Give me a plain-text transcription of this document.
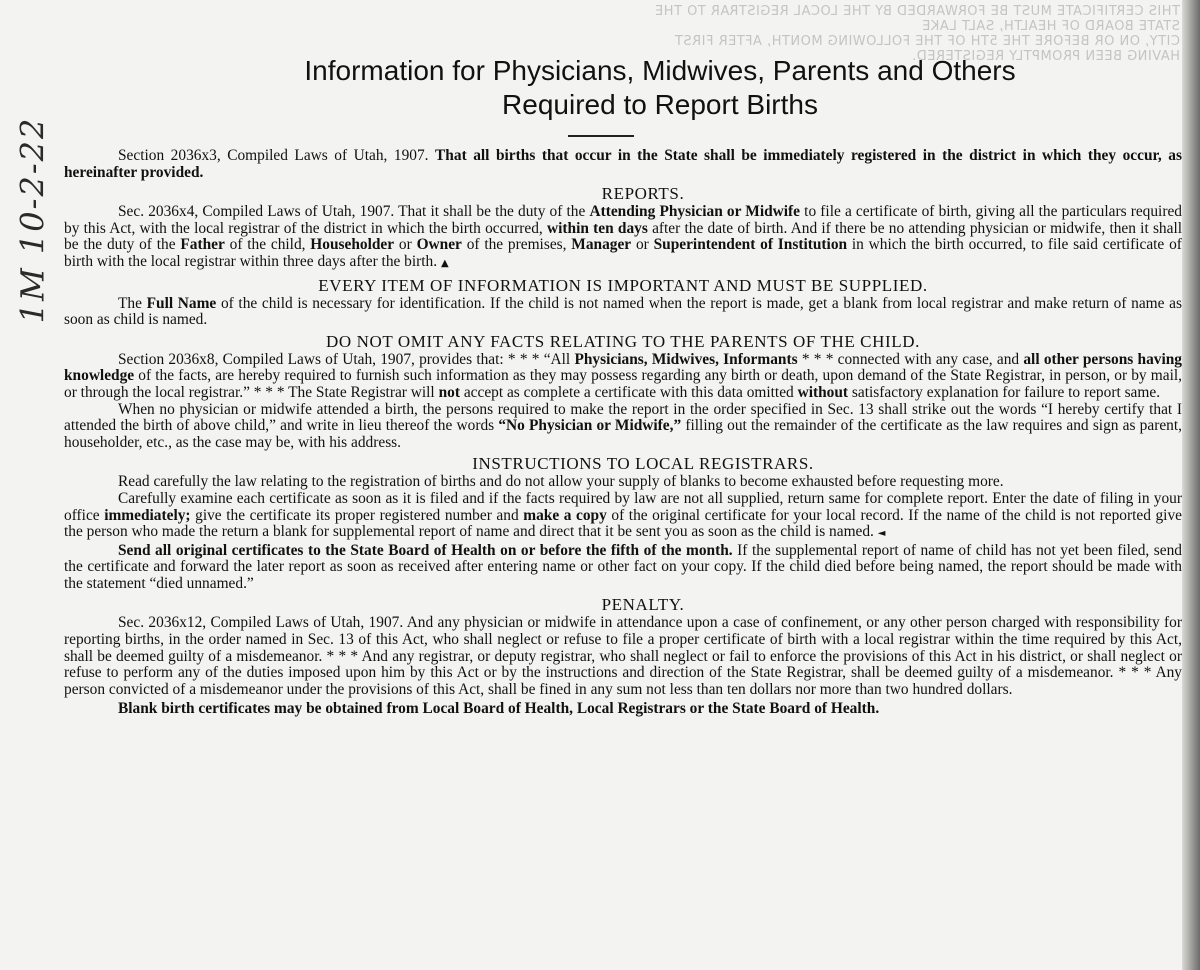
THIS CERTIFICATE MUST BE FORWARDED BY THE LOCAL REGISTRAR TO THE STATE BOARD OF HEALTH, SALT LAKE
CITY, ON OR BEFORE THE 5TH OF THE FOLLOWING MONTH, AFTER FIRST HAVING BEEN PROMPTLY REGISTERED.
1M 10-2-22
Information for Physicians, Midwives, Parents and Others
Required to Report Births

Section 2036x3, Compiled Laws of Utah, 1907. That all births that occur in the State shall be immediately registered in the district in which they occur, as hereinafter provided.

REPORTS.

Sec. 2036x4, Compiled Laws of Utah, 1907. That it shall be the duty of the Attending Physician or Midwife to file a certificate of birth, giving all the particulars required by this Act, with the local registrar of the district in which the birth occurred, within ten days after the date of birth. And if there be no attending physician or midwife, then it shall be the duty of the Father of the child, Householder or Owner of the premises, Manager or Superintendent of Institution in which the birth occurred, to file said certificate of birth with the local registrar within three days after the birth. ▲

EVERY ITEM OF INFORMATION IS IMPORTANT AND MUST BE SUPPLIED.

The Full Name of the child is necessary for identification. If the child is not named when the report is made, get a blank from local registrar and make return of name as soon as child is named.

DO NOT OMIT ANY FACTS RELATING TO THE PARENTS OF THE CHILD.

Section 2036x8, Compiled Laws of Utah, 1907, provides that: * * * “All Physicians, Midwives, Informants * * * connected with any case, and all other persons having knowledge of the facts, are hereby required to furnish such information as they may possess regarding any birth or death, upon demand of the State Registrar, in person, or by mail, or through the local registrar.” * * * The State Registrar will not accept as complete a certificate with this data omitted without satisfactory explanation for failure to report same.

When no physician or midwife attended a birth, the persons required to make the report in the order specified in Sec. 13 shall strike out the words “I hereby certify that I attended the birth of above child,” and write in lieu thereof the words “No Physician or Midwife,” filling out the remainder of the certificate as the law requires and sign as parent, householder, etc., as the case may be, with his address.

INSTRUCTIONS TO LOCAL REGISTRARS.

Read carefully the law relating to the registration of births and do not allow your supply of blanks to become exhausted before requesting more.

Carefully examine each certificate as soon as it is filed and if the facts required by law are not all supplied, return same for complete report. Enter the date of filing in your office immediately; give the certificate its proper registered number and make a copy of the original certificate for your local record. If the name of the child is not reported give the person who made the return a blank for supplemental report of name and direct that it be sent you as soon as the child is named. ◄

Send all original certificates to the State Board of Health on or before the fifth of the month. If the supplemental report of name of child has not yet been filed, send the certificate and forward the later report as soon as received after entering name or other fact on your copy. If the child died before being named, the report should be made with the statement “died unnamed.”

PENALTY.

Sec. 2036x12, Compiled Laws of Utah, 1907. And any physician or midwife in attendance upon a case of confinement, or any other person charged with responsibility for reporting births, in the order named in Sec. 13 of this Act, who shall neglect or refuse to file a proper certificate of birth with a local registrar within the time required by this Act, shall be deemed guilty of a misdemeanor. * * * And any registrar, or deputy registrar, who shall neglect or fail to enforce the provisions of this Act in his district, or shall neglect or refuse to perform any of the duties imposed upon him by this Act or by the instructions and direction of the State Registrar, shall be deemed guilty of a misdemeanor. * * * Any person convicted of a misdemeanor under the provisions of this Act, shall be fined in any sum not less than ten dollars nor more than two hundred dollars.

Blank birth certificates may be obtained from Local Board of Health, Local Registrars or the State Board of Health.
